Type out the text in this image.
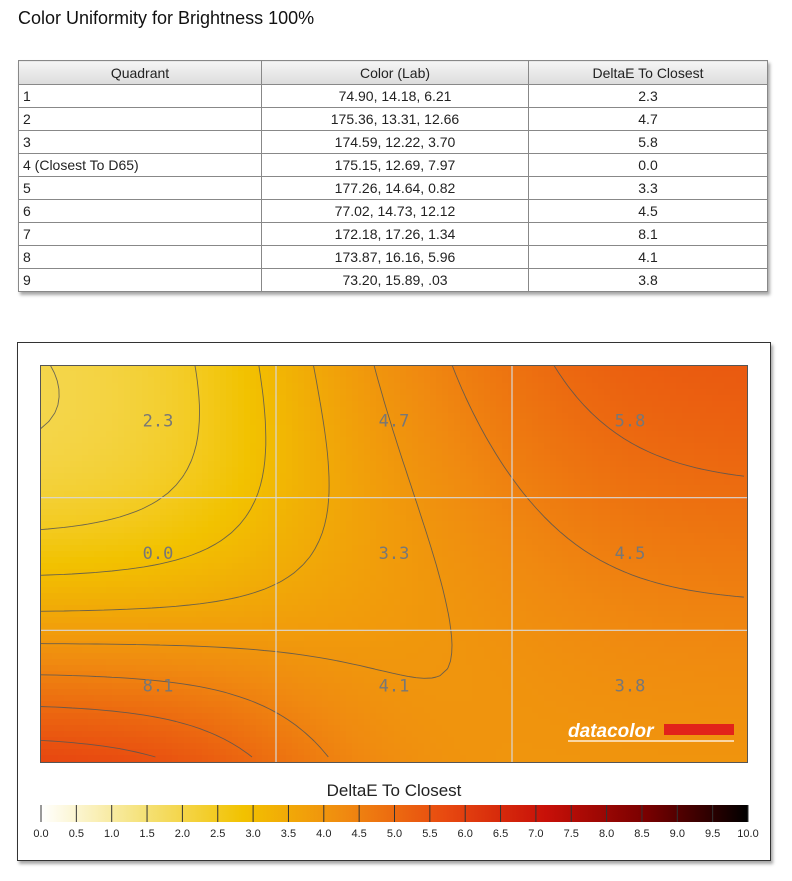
Color Uniformity for Brightness 100%
Quadrant	Color (Lab)	DeltaE To Closest
1	74.90, 14.18, 6.21	2.3
2	175.36, 13.31, 12.66	4.7
3	174.59, 12.22, 3.70	5.8
4 (Closest To D65)	175.15, 12.69, 7.97	0.0
5	177.26, 14.64, 0.82	3.3
6	77.02, 14.73, 12.12	4.5
7	172.18, 17.26, 1.34	8.1
8	173.87, 16.16, 5.96	4.1
9	73.20, 15.89, .03	3.8
2.3	4.7	5.8
0.0	3.3	4.5
8.1	4.1	3.8
datacolor
DeltaE To Closest
0.0 0.5 1.0 1.5 2.0 2.5 3.0 3.5 4.0 4.5 5.0 5.5 6.0 6.5 7.0 7.5 8.0 8.5 9.0 9.5 10.0
